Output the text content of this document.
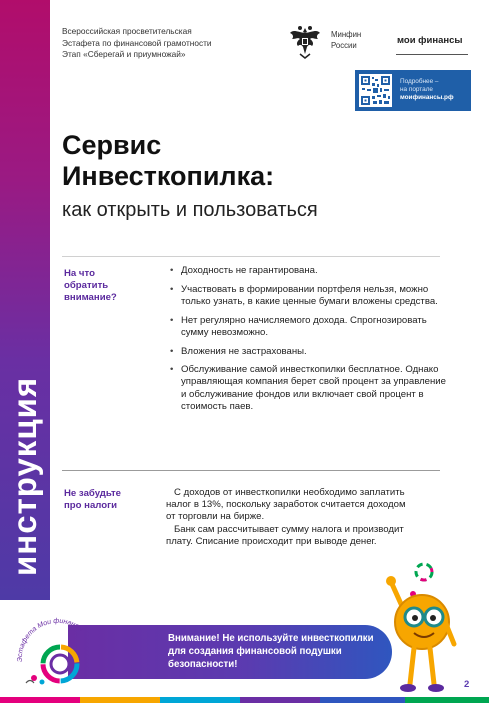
инструкция
Всероссийская просветительская
Эстафета по финансовой грамотности
Этап «Сберегай и приумножай»
Минфин
России	мои финансы
Подробнее –
на портале
моифинансы.рф
Сервис
Инвесткопилка:
как открыть и пользоваться
На что
обратить
внимание?
• Доходность не гарантирована.
• Участвовать в формировании портфеля нельзя, можно только узнать, в какие ценные бумаги вложены средства.
• Нет регулярно начисляемого дохода. Спрогнозировать сумму невозможно.
• Вложения не застрахованы.
• Обслуживание самой инвесткопилки бесплатное. Однако управляющая компания берет свой процент за управление и обслуживание фондов или включает свой процент в стоимость паев.
Не забудьте
про налоги

С доходов от инвесткопилки необходимо заплатить налог в 13%, поскольку заработок считается доходом от торговли на бирже.

Банк сам рассчитывает сумму налога и производит плату. Списание происходит при выводе денег.

Внимание! Не используйте инвесткопилки для создания финансовой подушки безопасности!
Эстафета Мои финансы
2
